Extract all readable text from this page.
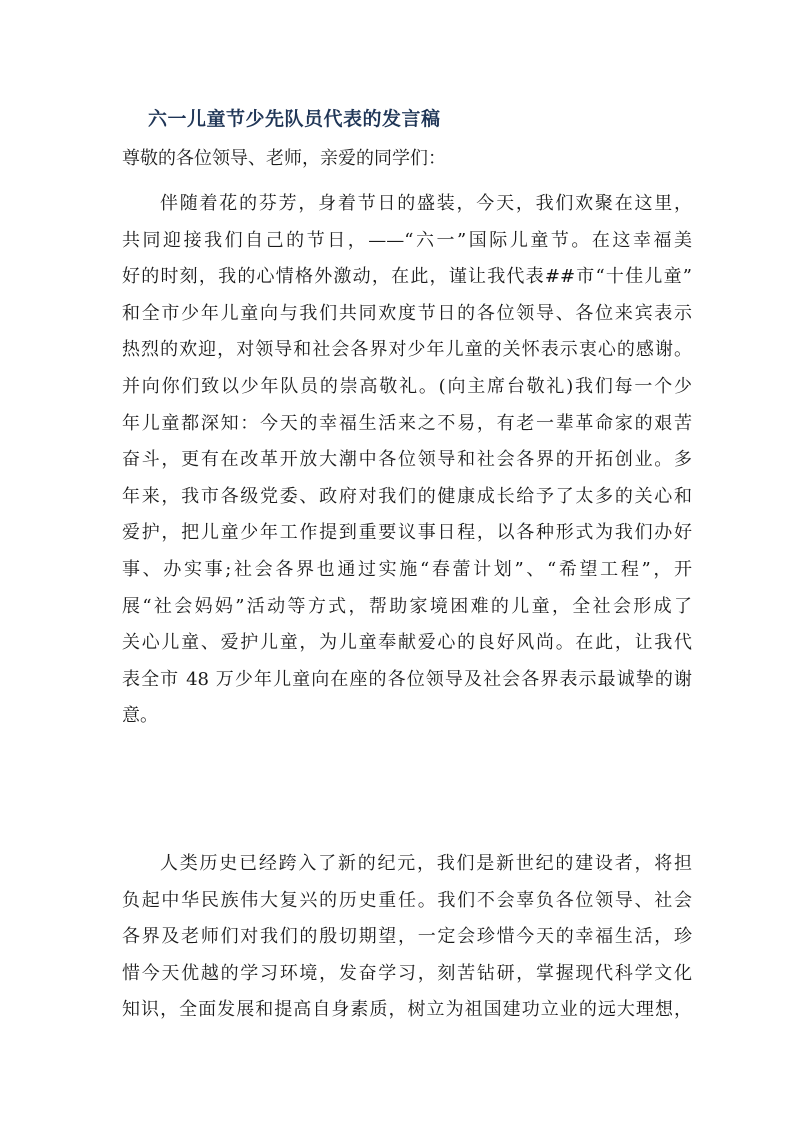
六一儿童节少先队员代表的发言稿

尊敬的各位领导、老师，亲爱的同学们：

伴随着花的芬芳，身着节日的盛装，今天，我们欢聚在这里，
共同迎接我们自己的节日，——“六一”国际儿童节。在这幸福美
好的时刻，我的心情格外激动，在此，谨让我代表##市“十佳儿童”
和全市少年儿童向与我们共同欢度节日的各位领导、各位来宾表示
热烈的欢迎，对领导和社会各界对少年儿童的关怀表示衷心的感谢。
并向你们致以少年队员的崇高敬礼。(向主席台敬礼)我们每一个少
年儿童都深知：今天的幸福生活来之不易，有老一辈革命家的艰苦
奋斗，更有在改革开放大潮中各位领导和社会各界的开拓创业。多
年来，我市各级党委、政府对我们的健康成长给予了太多的关心和
爱护，把儿童少年工作提到重要议事日程，以各种形式为我们办好
事、办实事;社会各界也通过实施“春蕾计划”、“希望工程”，开
展“社会妈妈”活动等方式，帮助家境困难的儿童，全社会形成了
关心儿童、爱护儿童，为儿童奉献爱心的良好风尚。在此，让我代
表全市 48 万少年儿童向在座的各位领导及社会各界表示最诚挚的谢
意。
人类历史已经跨入了新的纪元，我们是新世纪的建设者，将担
负起中华民族伟大复兴的历史重任。我们不会辜负各位领导、社会
各界及老师们对我们的殷切期望，一定会珍惜今天的幸福生活，珍
惜今天优越的学习环境，发奋学习，刻苦钻研，掌握现代科学文化
知识，全面发展和提高自身素质，树立为祖国建功立业的远大理想，
